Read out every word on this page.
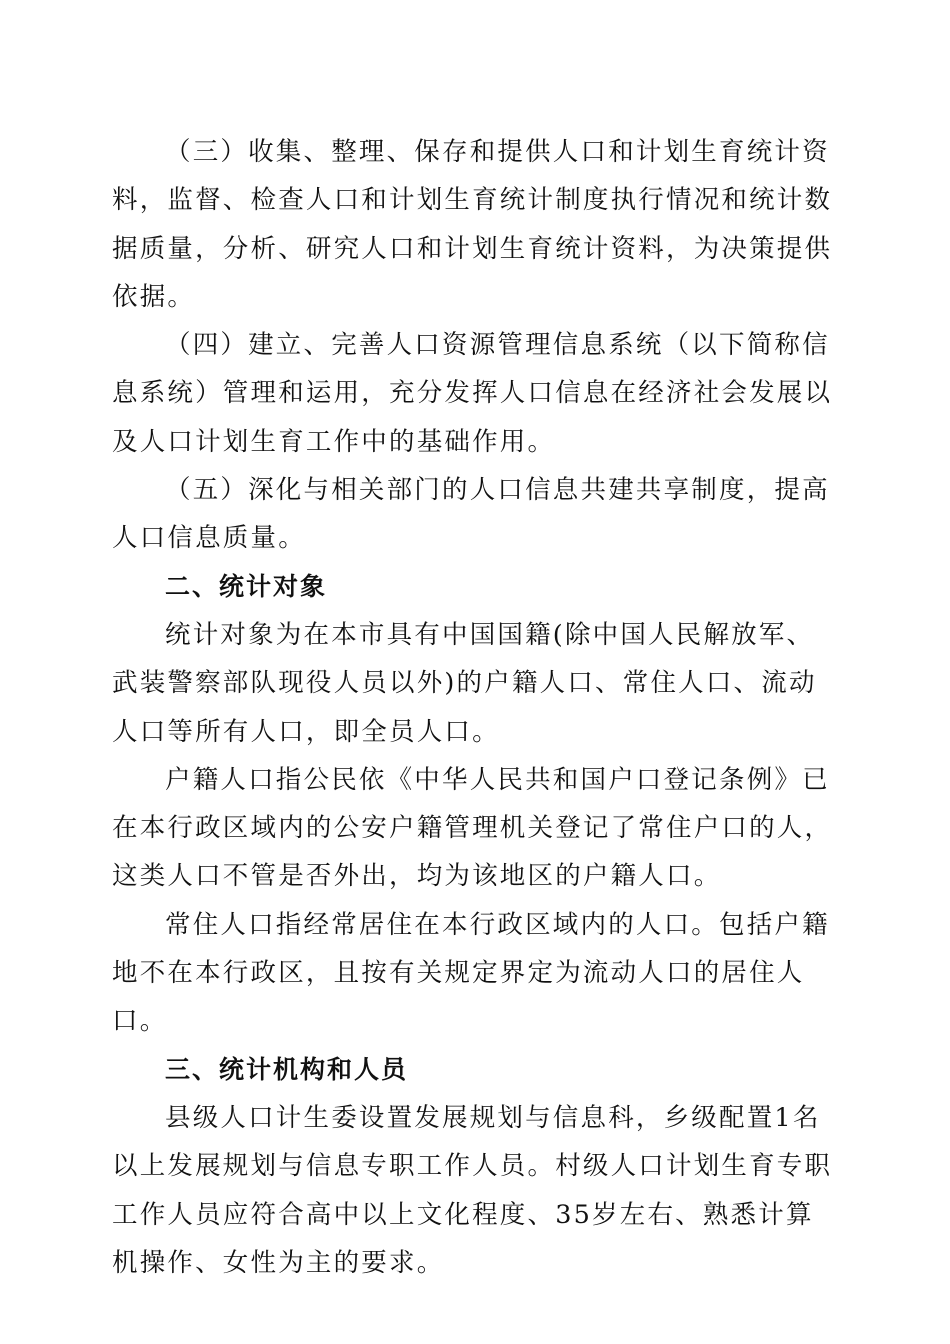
（三）收集、整理、保存和提供人口和计划生育统计资料，监督、检查人口和计划生育统计制度执行情况和统计数据质量，分析、研究人口和计划生育统计资料，为决策提供依据。

（四）建立、完善人口资源管理信息系统（以下简称信息系统）管理和运用，充分发挥人口信息在经济社会发展以及人口计划生育工作中的基础作用。

（五）深化与相关部门的人口信息共建共享制度，提高人口信息质量。

二、统计对象

统计对象为在本市具有中国国籍(除中国人民解放军、武装警察部队现役人员以外)的户籍人口、常住人口、流动人口等所有人口，即全员人口。

户籍人口指公民依《中华人民共和国户口登记条例》已在本行政区域内的公安户籍管理机关登记了常住户口的人，这类人口不管是否外出，均为该地区的户籍人口。

常住人口指经常居住在本行政区域内的人口。包括户籍地不在本行政区，且按有关规定界定为流动人口的居住人口。

三、统计机构和人员

县级人口计生委设置发展规划与信息科，乡级配置1名以上发展规划与信息专职工作人员。村级人口计划生育专职工作人员应符合高中以上文化程度、35岁左右、熟悉计算机操作、女性为主的要求。
